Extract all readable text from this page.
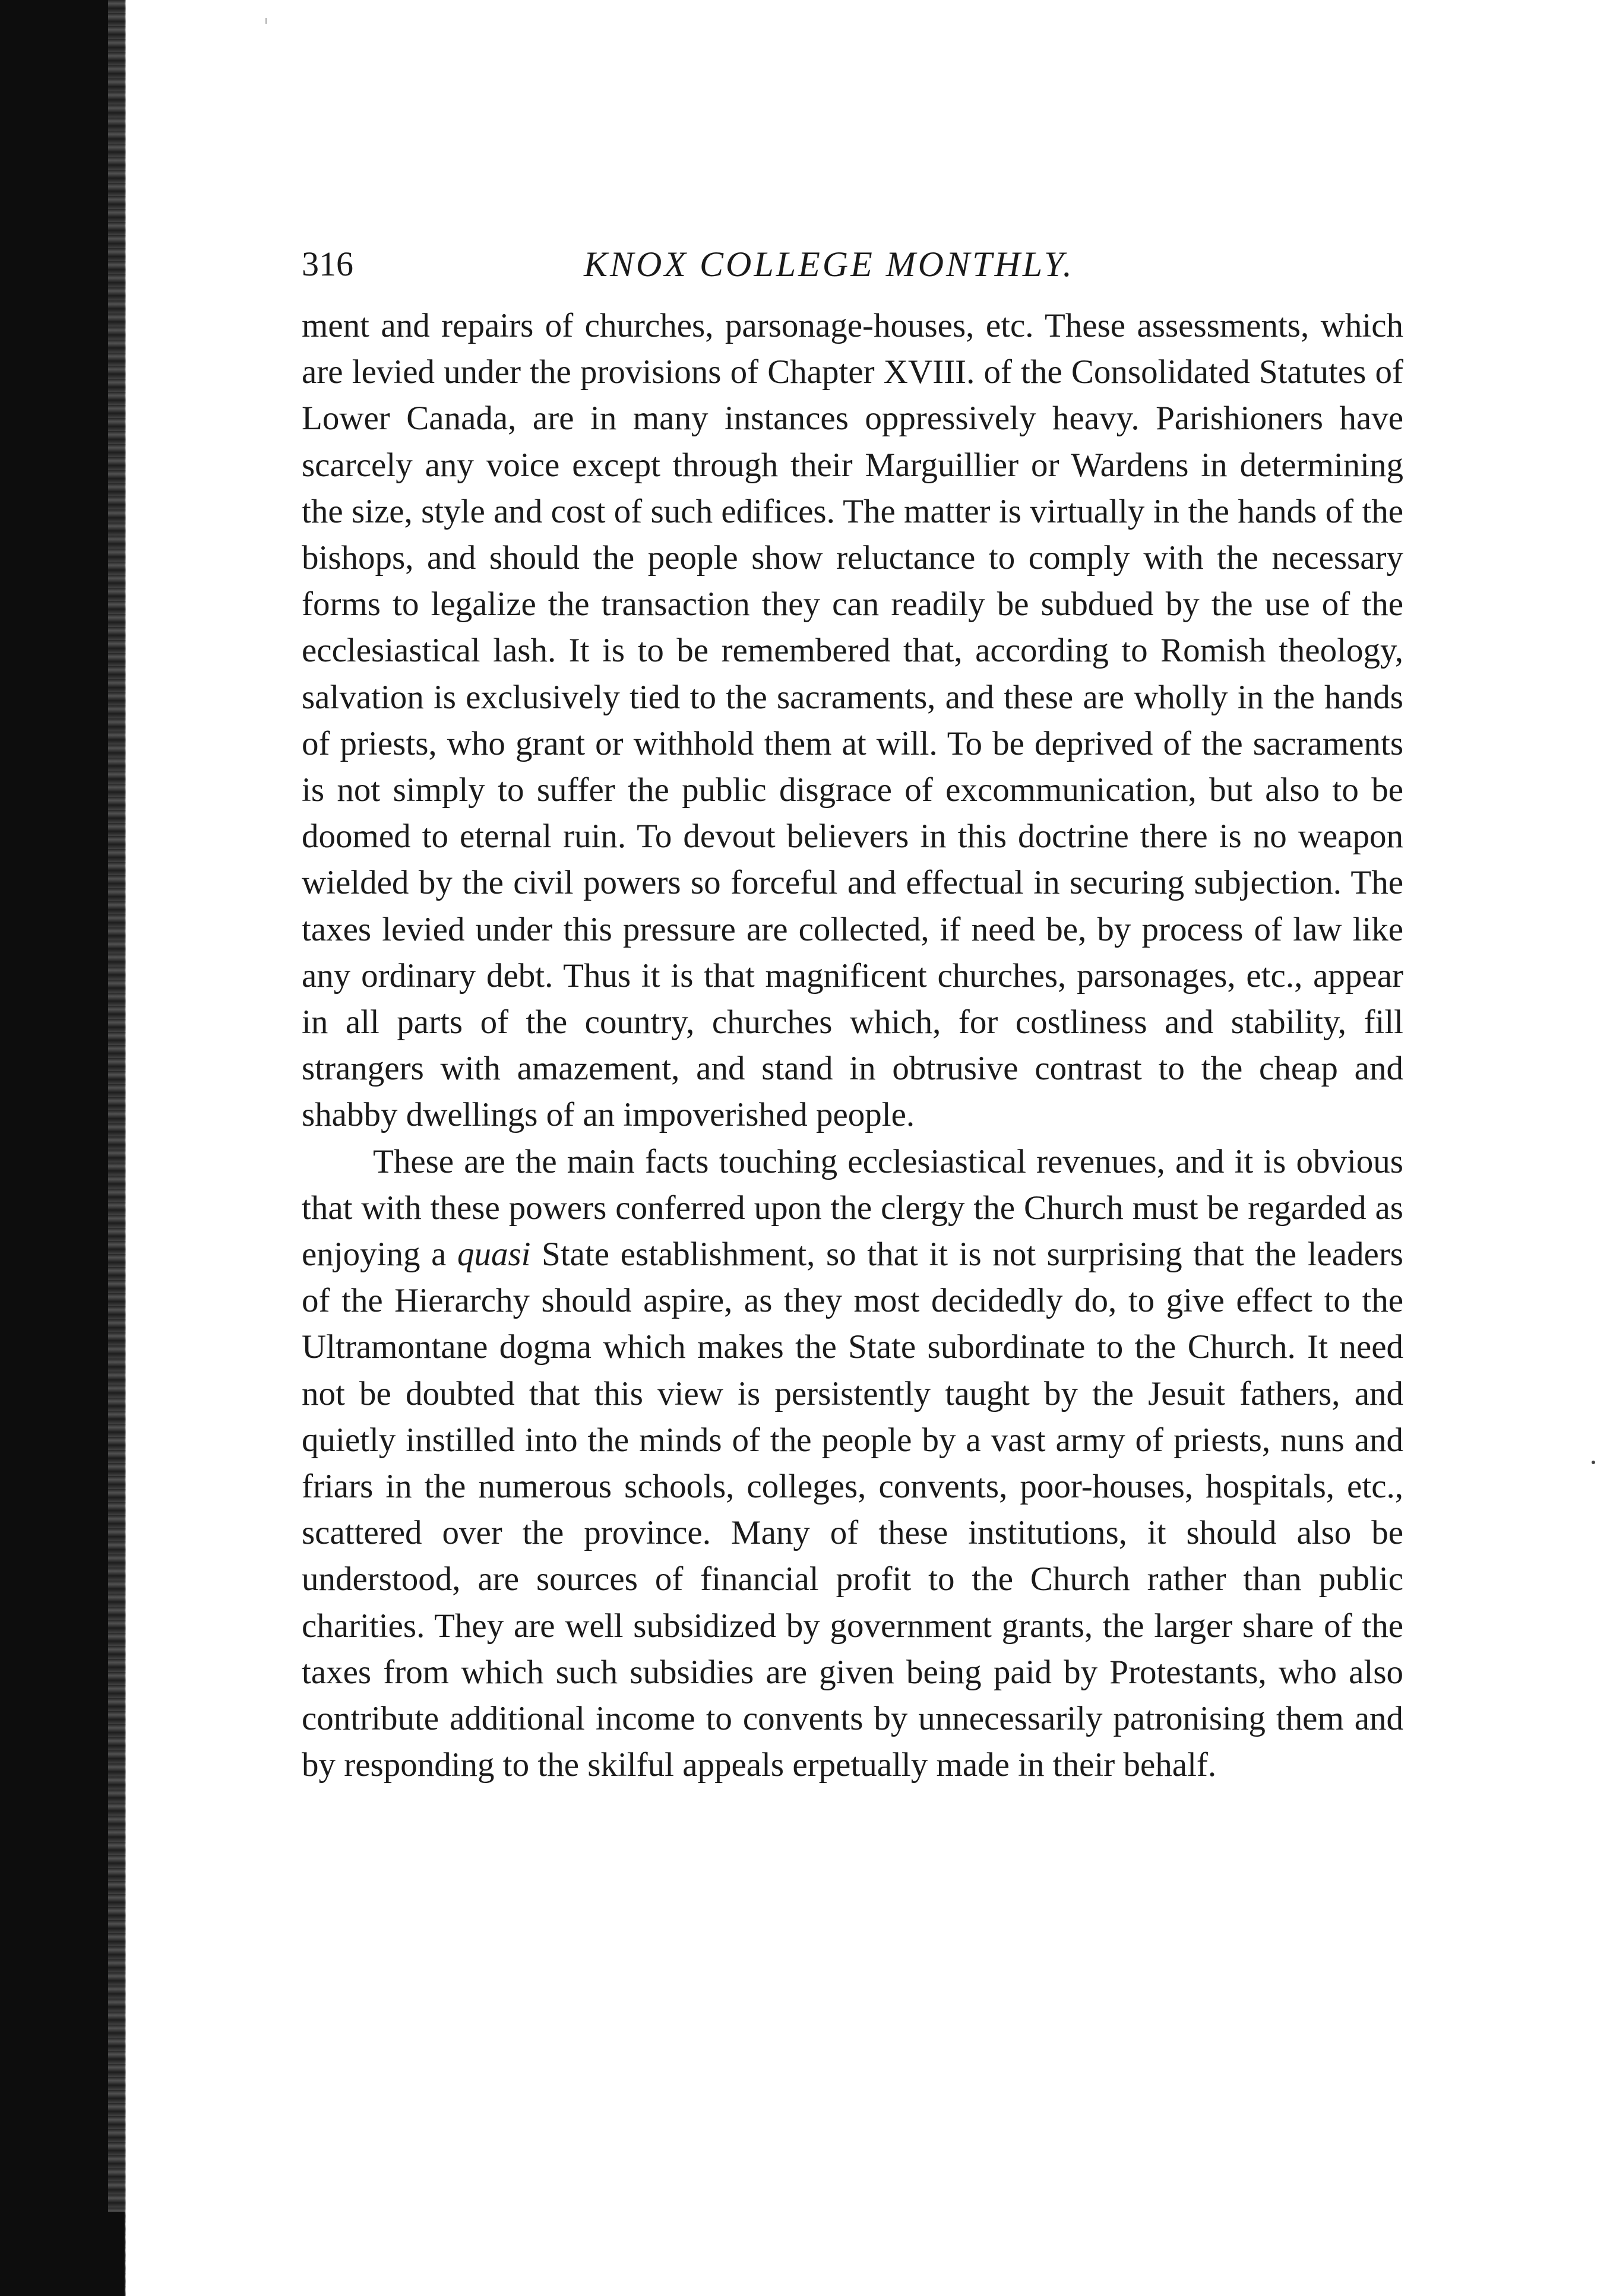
316	KNOX COLLEGE MONTHLY.

ment and repairs of churches, parsonage-houses, etc. These assessments, which are levied under the provisions of Chapter XVIII. of the Consolidated Statutes of Lower Canada, are in many instances oppressively heavy. Parishioners have scarcely any voice except through their Marguillier or Wardens in determining the size, style and cost of such edifices. The matter is virtually in the hands of the bishops, and should the people show reluctance to comply with the necessary forms to legalize the transaction they can readily be subdued by the use of the ecclesiastical lash. It is to be remembered that, according to Romish theology, salvation is exclusively tied to the sacraments, and these are wholly in the hands of priests, who grant or withhold them at will. To be deprived of the sacraments is not simply to suffer the public disgrace of excommunication, but also to be doomed to eternal ruin. To devout believers in this doctrine there is no weapon wielded by the civil powers so forceful and effectual in securing subjection. The taxes levied under this pressure are collected, if need be, by process of law like any ordinary debt. Thus it is that magnificent churches, parsonages, etc., appear in all parts of the country, churches which, for costliness and stability, fill strangers with amazement, and stand in obtrusive contrast to the cheap and shabby dwellings of an impoverished people.

These are the main facts touching ecclesiastical revenues, and it is obvious that with these powers conferred upon the clergy the Church must be regarded as enjoying a quasi State establishment, so that it is not surprising that the leaders of the Hierarchy should aspire, as they most decidedly do, to give effect to the Ultramontane dogma which makes the State subordinate to the Church. It need not be doubted that this view is persistently taught by the Jesuit fathers, and quietly instilled into the minds of the people by a vast army of priests, nuns and friars in the numerous schools, colleges, convents, poor-houses, hospitals, etc., scattered over the province. Many of these institutions, it should also be understood, are sources of financial profit to the Church rather than public charities. They are well subsidized by government grants, the larger share of the taxes from which such subsidies are given being paid by Protestants, who also contribute additional income to convents by unnecessarily patronising them and by responding to the skilful appeals erpetually made in their behalf.
